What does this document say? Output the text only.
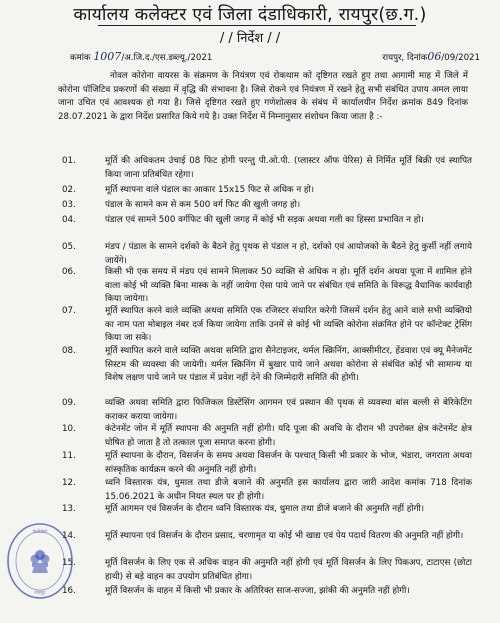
कार्यालय कलेक्टर एवं जिला दंडाधिकारी, रायपुर(छ.ग.)
/ / निर्देश / /
कमांक 1007/अ.जि.द./एस.डब्ल्यू./2021	रायपुर, दिनांक06/09/2021

नोवल कोरोना वायरस के संक्रमण के नियंत्रण एवं रोकथाम को दृष्टिगत रखते हुए तथा आगामी माह में जिले में कोरोना पॉजिटिव प्रकरणों की संख्या में वृद्धि की संभावना है। जिसे रोकने एवं नियंत्रण में रखने हेतु सभी संबंधित उपाय अमल लाया जाना उचित एवं आवश्यक हो गया है। जिसे दृष्टिगत रखते हुए गणेशोत्सव के संबंध में कार्यालयीन निर्देश क्रमांक 849 दिनांक 28.07.2021 के द्वारा निर्देश प्रसारित किये गये है। उक्त निर्देश में निम्नानुसार संशोधन किया जाता है :-

01.	मूर्ति की अधिकतम उंचाई 08 फिट होगी परन्तु पी.ओ.पी. (प्लास्टर ऑफ पेरिस) से निर्मित मूर्ति बिक्री एवं स्थापित किया जाना प्रतिबंधित रहेगा।
02.	मूर्ति स्थापना वाले पंडाल का आकार 15x15 फिट से अधिक न हो।
03.	पंडाल के सामने कम से कम 500 वर्ग फिट की खुली जगह हो।
04.	पंडाल एवं सामने 500 वर्गफिट की खुली जगह में कोई भी सड़क अथवा गली का हिस्सा प्रभावित न हो।
05.	मंडप / पंडाल के सामने दर्शको के बैठने हेतु पृथक से पंडाल न हो, दर्शको एवं आयोजको के बैठने हेतु कुर्सी नहीं लगाये जायेंगे।
06.	किसी भी एक समय में मंडप एवं सामने मिलाकर 50 व्यक्ति से अधिक न हो। मूर्ति दर्शन अथवा पूजा में शामिल होने वाला कोई भी व्यक्ति बिना मास्क के नहीं जायेगा ऐसा पाये जाने पर संबंधित एवं समिति के विरूद्ध वैधानिक कार्यवाही किया जायेगा।
07.	मूर्ति स्थापित करने वाले व्यक्ति अथवा समिति एक रजिस्टर संधारित करेगी जिसमें दर्शन हेतु आने वाले सभी व्यक्तियो का नाम पता मोबाइल नंबर दर्ज किया जायेगा ताकि उनमें से कोई भी व्यक्ति कोरोना संक्रमित होने पर कॉन्टेक्ट ट्रेसिंग किया जा सके।
08.	मूर्ति स्थापित करने वाले व्यक्ति अथवा समिति द्वारा सैनेटाइजर, थर्मल स्क्रिनिंग, आक्सीमीटर, हेंडवाश एवं क्यू मैनेजमेंट सिस्टम की व्यवस्था की जायेगी। थर्मल स्क्रिनिंग में बुखार पाये जाने अथवा कोरोना से संबंधित कोई भी सामान्य या विशेष लक्षण पाये जाने पर पंडाल में प्रवेश नहीं देने की जिम्मेदारी समिति की होगी।
09.	व्यक्ति अथवा समिति द्वारा फिजिकल डिस्टेंसिंग आगमन एवं प्रस्थान की पृथक से व्यवस्था बांस बल्ली से बेरिकेटिंग कराकर कराया जायेगा।
10.	कंटेनमेंट जोन में मूर्ति स्थापना की अनुमति नहीं होगी। यदि पूजा की अवधि के दौरान भी उपरोक्त क्षेत्र कंटेनमेंट क्षेत्र घोषित हो जाता है तो तत्काल पूजा समाप्त करना होगी।
11.	मूर्ति स्थापना के दौरान, विसर्जन के समय अथवा विसर्जन के पश्चात् किसी भी प्रकार के भोज, भंडारा, जगराता अथवा सांस्कृतिक कार्यक्रम करने की अनुमति नहीं होगी।
12.	ध्वनि विस्तारक यंत्र, धुमाल तथा डीजे बजाने की अनुमति इस कार्यालय द्वारा जारी आदेश कमांक 718 दिनांक 15.06.2021 के अधीन नियत स्थल पर ही होगी।
13.	मूर्ति आगमन एवं विसर्जन के दौरान ध्वनि विस्तारक यंत्र, धुमाल तथा डीजे बजाने की अनुमति नहीं होगी।
14.	मूर्ति स्थापना एवं विसर्जन के दौरान प्रसाद, चरणामृत या कोई भी खाद्य एवं पेय पदार्थ वितरण की अनुमति नहीं होगी।
15.	मूर्ति विसर्जन के लिए एक से अधिक वाहन की अनुमति नहीं होगी एवं मूर्ति विसर्जन के लिए पिकअप, टाटाएस (छोटा हाथी) से बड़े वाहन का उपयोग प्रतिबंधित होगा।
16.	मूर्ति विसर्जन के वाहन में किसी भी प्रकार के अतिरिक्त साज-सज्जा, झांकी की अनुमति नहीं होगी।
कलेक्टर
रायपुर
